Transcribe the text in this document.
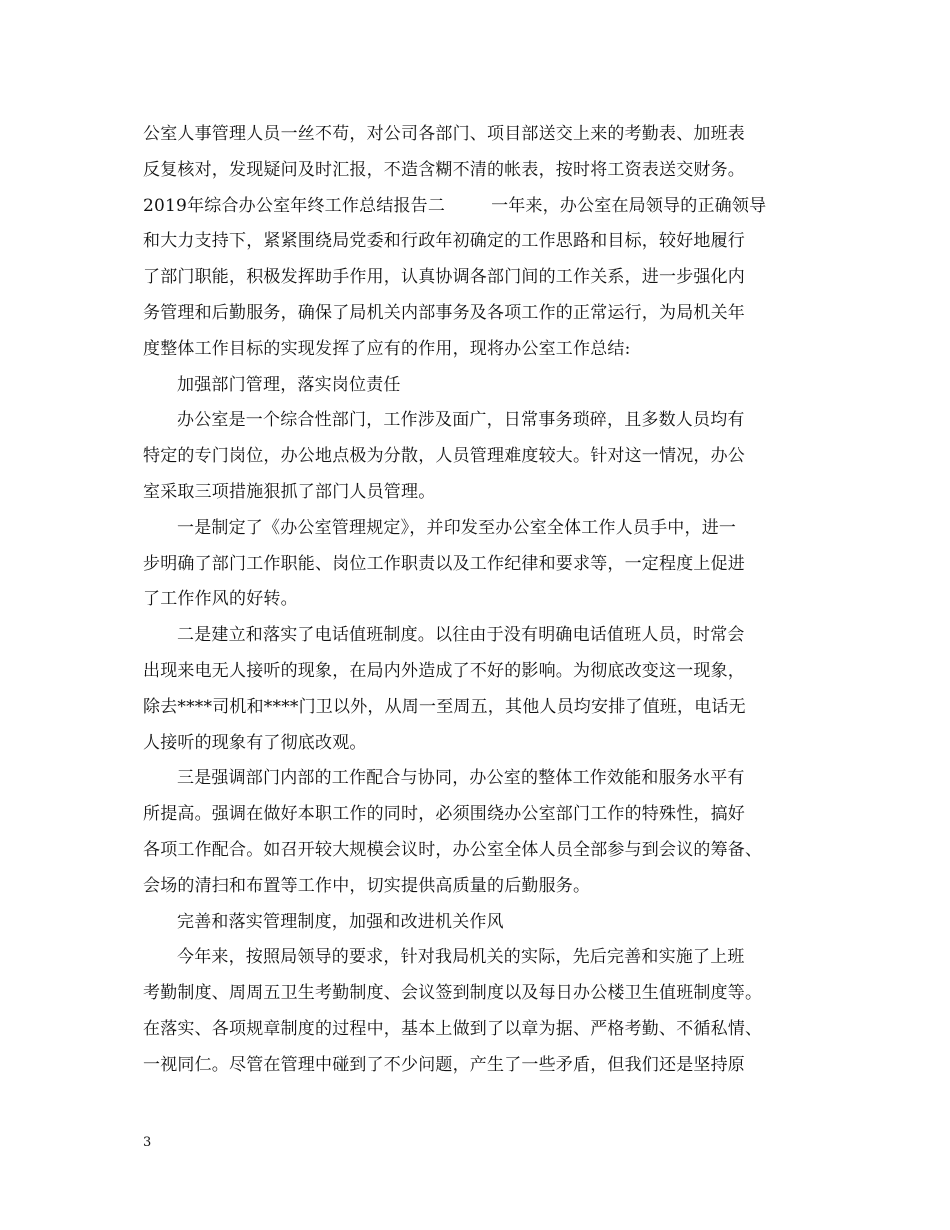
公室人事管理人员一丝不苟，对公司各部门、项目部送交上来的考勤表、加班表
反复核对，发现疑问及时汇报，不造含糊不清的帐表，按时将工资表送交财务。
2019年综合办公室年终工作总结报告二	一年来，办公室在局领导的正确领导
和大力支持下，紧紧围绕局党委和行政年初确定的工作思路和目标，较好地履行
了部门职能，积极发挥助手作用，认真协调各部门间的工作关系，进一步强化内
务管理和后勤服务，确保了局机关内部事务及各项工作的正常运行，为局机关年
度整体工作目标的实现发挥了应有的作用，现将办公室工作总结:
加强部门管理，落实岗位责任
办公室是一个综合性部门，工作涉及面广，日常事务琐碎，且多数人员均有
特定的专门岗位，办公地点极为分散，人员管理难度较大。针对这一情况，办公
室采取三项措施狠抓了部门人员管理。
一是制定了《办公室管理规定》，并印发至办公室全体工作人员手中，进一
步明确了部门工作职能、岗位工作职责以及工作纪律和要求等，一定程度上促进
了工作作风的好转。
二是建立和落实了电话值班制度。以往由于没有明确电话值班人员，时常会
出现来电无人接听的现象，在局内外造成了不好的影响。为彻底改变这一现象，
除去****司机和****门卫以外，从周一至周五，其他人员均安排了值班，电话无
人接听的现象有了彻底改观。
三是强调部门内部的工作配合与协同，办公室的整体工作效能和服务水平有
所提高。强调在做好本职工作的同时，必须围绕办公室部门工作的特殊性，搞好
各项工作配合。如召开较大规模会议时，办公室全体人员全部参与到会议的筹备、
会场的清扫和布置等工作中，切实提供高质量的后勤服务。
完善和落实管理制度，加强和改进机关作风
今年来，按照局领导的要求，针对我局机关的实际，先后完善和实施了上班
考勤制度、周周五卫生考勤制度、会议签到制度以及每日办公楼卫生值班制度等。
在落实、各项规章制度的过程中，基本上做到了以章为据、严格考勤、不循私情、
一视同仁。尽管在管理中碰到了不少问题，产生了一些矛盾，但我们还是坚持原
3
